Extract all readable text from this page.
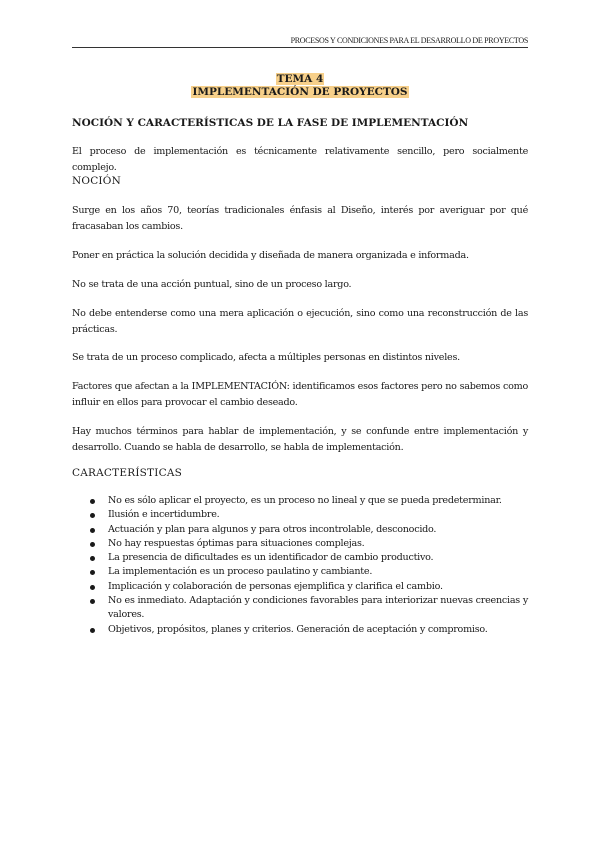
PROCESOS Y CONDICIONES PARA EL DESARROLLO DE PROYECTOS
TEMA 4
IMPLEMENTACIÓN DE PROYECTOS
NOCIÓN Y CARACTERÍSTICAS DE LA FASE DE IMPLEMENTACIÓN
El proceso de implementación es técnicamente relativamente sencillo, pero socialmente complejo.
NOCIÓN
Surge en los años 70, teorías tradicionales énfasis al Diseño, interés por averiguar por qué fracasaban los cambios.
Poner en práctica la solución decidida y diseñada de manera organizada e informada.
No se trata de una acción puntual, sino de un proceso largo.
No debe entenderse como una mera aplicación o ejecución, sino como una reconstrucción de las prácticas.
Se trata de un proceso complicado, afecta a múltiples personas en distintos niveles.
Factores que afectan a la IMPLEMENTACIÓN: identificamos esos factores pero no sabemos como influir en ellos para provocar el cambio deseado.
Hay muchos términos para hablar de implementación, y se confunde entre implementación y desarrollo. Cuando se habla de desarrollo, se habla de implementación.
CARACTERÍSTICAS
No es sólo aplicar el proyecto, es un proceso no lineal y que se pueda predeterminar.
Ilusión e incertidumbre.
Actuación y plan para algunos y para otros incontrolable, desconocido.
No hay respuestas óptimas para situaciones complejas.
La presencia de dificultades es un identificador de cambio productivo.
La implementación es un proceso paulatino y cambiante.
Implicación y colaboración de personas ejemplifica y clarifica el cambio.
No es inmediato. Adaptación y condiciones favorables para interiorizar nuevas creencias y valores.
Objetivos, propósitos, planes y criterios. Generación de aceptación y compromiso.
